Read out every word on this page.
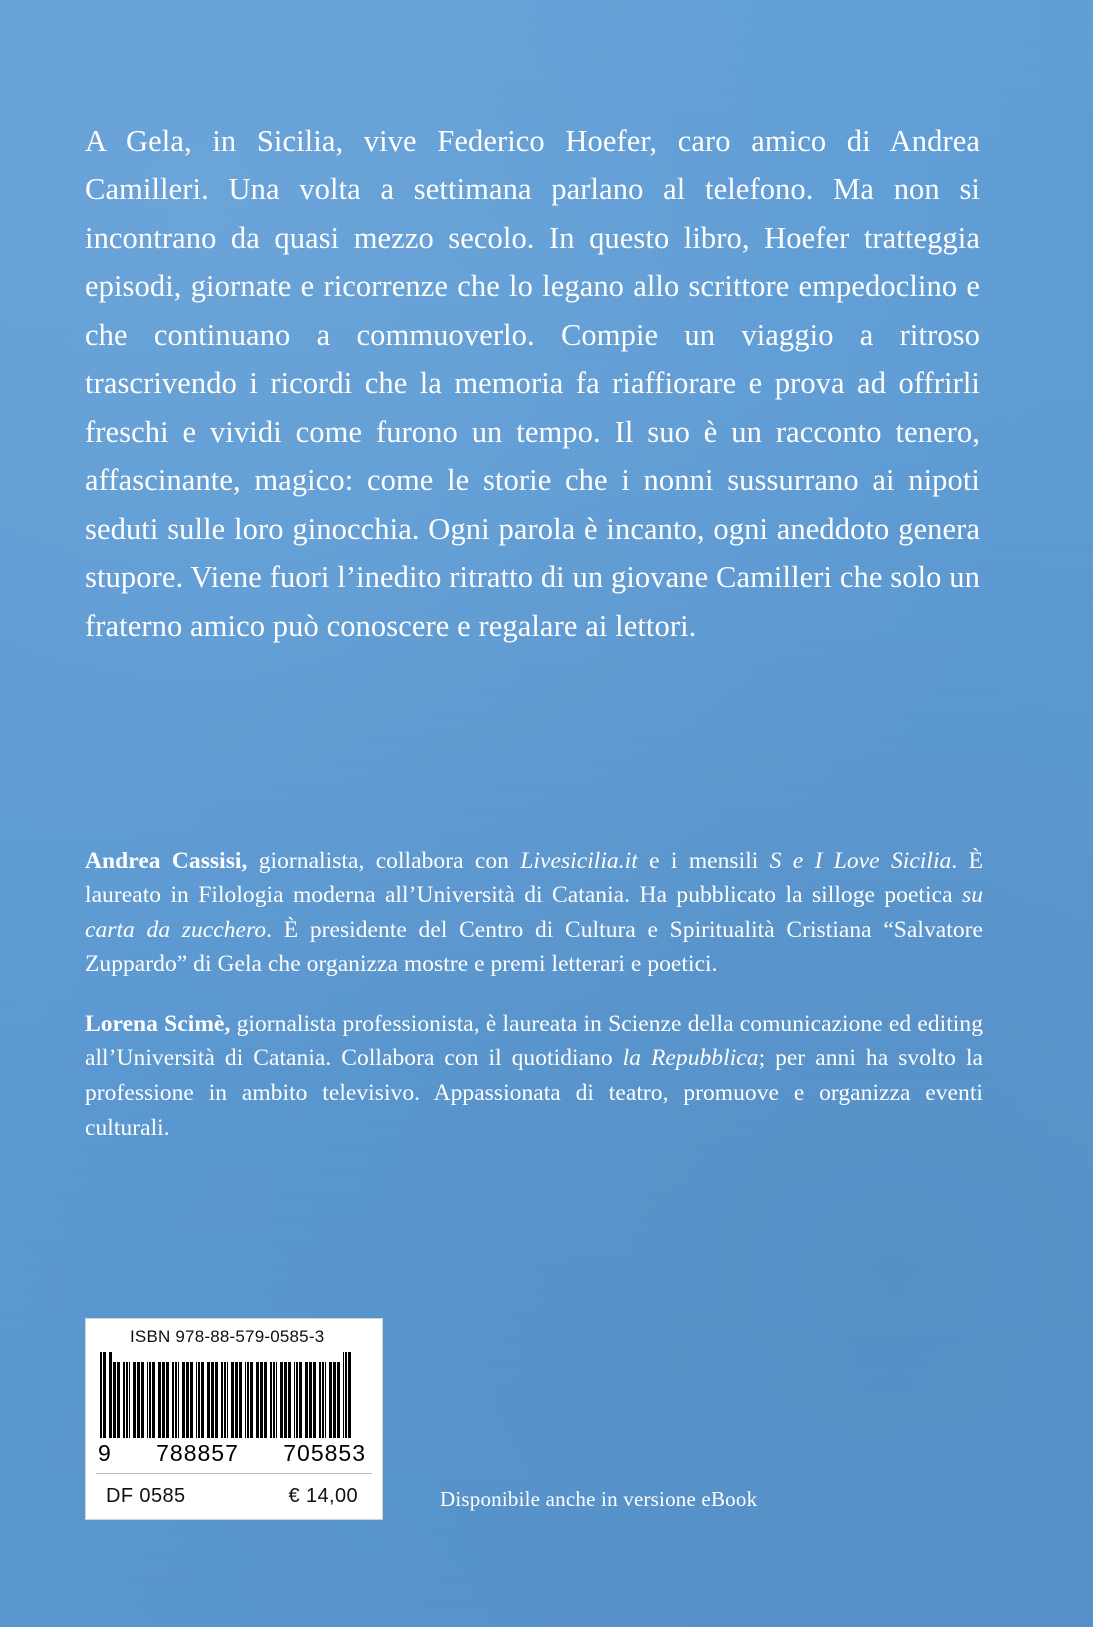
A Gela, in Sicilia, vive Federico Hoefer, caro amico di Andrea Camilleri. Una volta a settimana parlano al telefono. Ma non si incontrano da quasi mezzo secolo. In questo libro, Hoefer tratteggia episodi, giornate e ricorrenze che lo legano allo scrittore empedoclino e che continuano a commuoverlo. Compie un viaggio a ritroso trascrivendo i ricordi che la memoria fa riaffiorare e prova ad offrirli freschi e vividi come furono un tempo. Il suo è un racconto tenero, affascinante, magico: come le storie che i nonni sussurrano ai nipoti seduti sulle loro ginocchia. Ogni parola è incanto, ogni aneddoto genera stupore. Viene fuori l’inedito ritratto di un giovane Camilleri che solo un fraterno amico può conoscere e regalare ai lettori.

Andrea Cassisi, giornalista, collabora con Livesicilia.it e i mensili S e I Love Sicilia. È laureato in Filologia moderna all’Università di Catania. Ha pubblicato la silloge poetica su carta da zucchero. È presidente del Centro di Cultura e Spiritualità Cristiana “Salvatore Zuppardo” di Gela che organizza mostre e premi letterari e poetici.

Lorena Scimè, giornalista professionista, è laureata in Scienze della comunicazione ed editing all’Università di Catania. Collabora con il quotidiano la Repubblica; per anni ha svolto la professione in ambito televisivo. Appassionata di teatro, promuove e organizza eventi culturali.

ISBN 978-88-579-0585-3
9 788857 705853
DF 0585	€ 14,00	Disponibile anche in versione eBook
